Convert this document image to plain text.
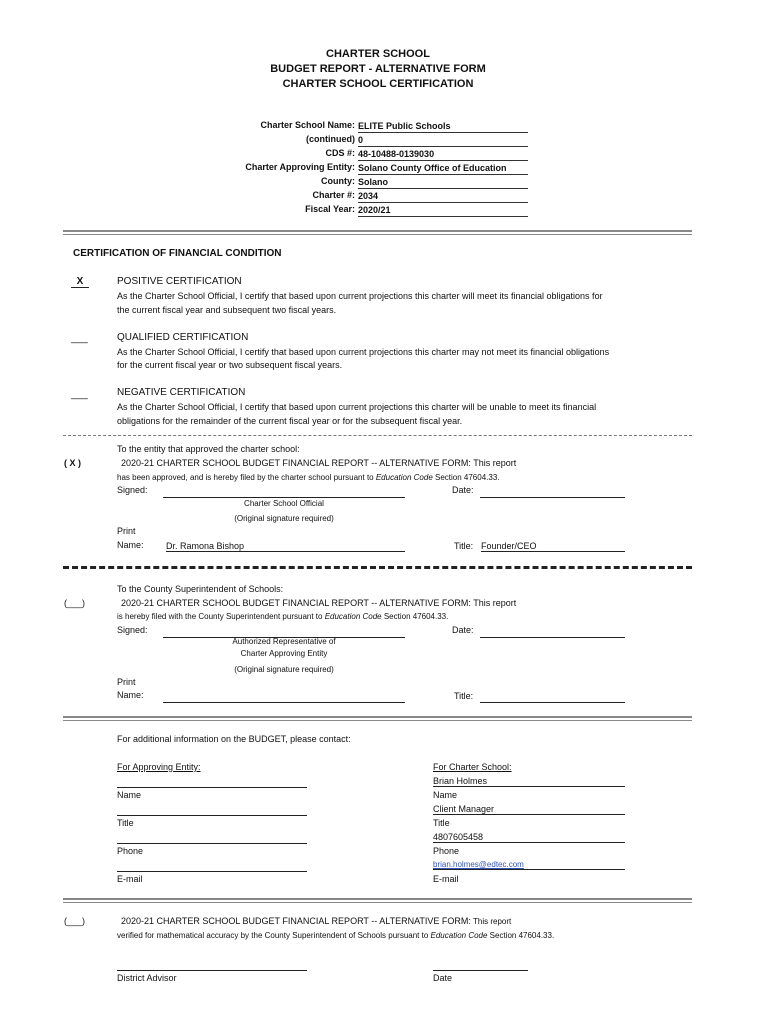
CHARTER SCHOOL
BUDGET REPORT - ALTERNATIVE FORM
CHARTER SCHOOL CERTIFICATION
Charter School Name: ELITE Public Schools
(continued) 0
CDS #: 48-10488-0139030
Charter Approving Entity: Solano County Office of Education
County: Solano
Charter #: 2034
Fiscal Year: 2020/21
CERTIFICATION OF FINANCIAL CONDITION
X	POSITIVE CERTIFICATION
As the Charter School Official, I certify that based upon current projections this charter will meet its financial obligations for
the current fiscal year and subsequent two fiscal years.
___	QUALIFIED CERTIFICATION
As the Charter School Official, I certify that based upon current projections this charter may not meet its financial obligations
for the current fiscal year or two subsequent fiscal years.
___	NEGATIVE CERTIFICATION
As the Charter School Official, I certify that based upon current projections this charter will be unable to meet its financial
obligations for the remainder of the current fiscal year or for the subsequent fiscal year.
To the entity that approved the charter school:
( X )	2020-21 CHARTER SCHOOL BUDGET FINANCIAL REPORT -- ALTERNATIVE FORM: This report
has been approved, and is hereby filed by the charter school pursuant to Education Code Section 47604.33.
Signed:	Date:
Charter School Official
(Original signature required)
Print
Name: Dr. Ramona Bishop	Title: Founder/CEO
To the County Superintendent of Schools:
(___)	2020-21 CHARTER SCHOOL BUDGET FINANCIAL REPORT -- ALTERNATIVE FORM: This report
is hereby filed with the County Superintendent pursuant to Education Code Section 47604.33.
Signed:	Date:
Authorized Representative of
Charter Approving Entity
(Original signature required)
Print
Name:	Title:
For additional information on the BUDGET, please contact:
For Approving Entity:	For Charter School:
Name
Title
Phone
E-mail
Brian Holmes
Name
Client Manager
Title
4807605458
Phone
brian.holmes@edtec.com
E-mail
(___)	2020-21 CHARTER SCHOOL BUDGET FINANCIAL REPORT -- ALTERNATIVE FORM: This report
verified for mathematical accuracy by the County Superintendent of Schools pursuant to Education Code Section 47604.33.
District Advisor	Date
